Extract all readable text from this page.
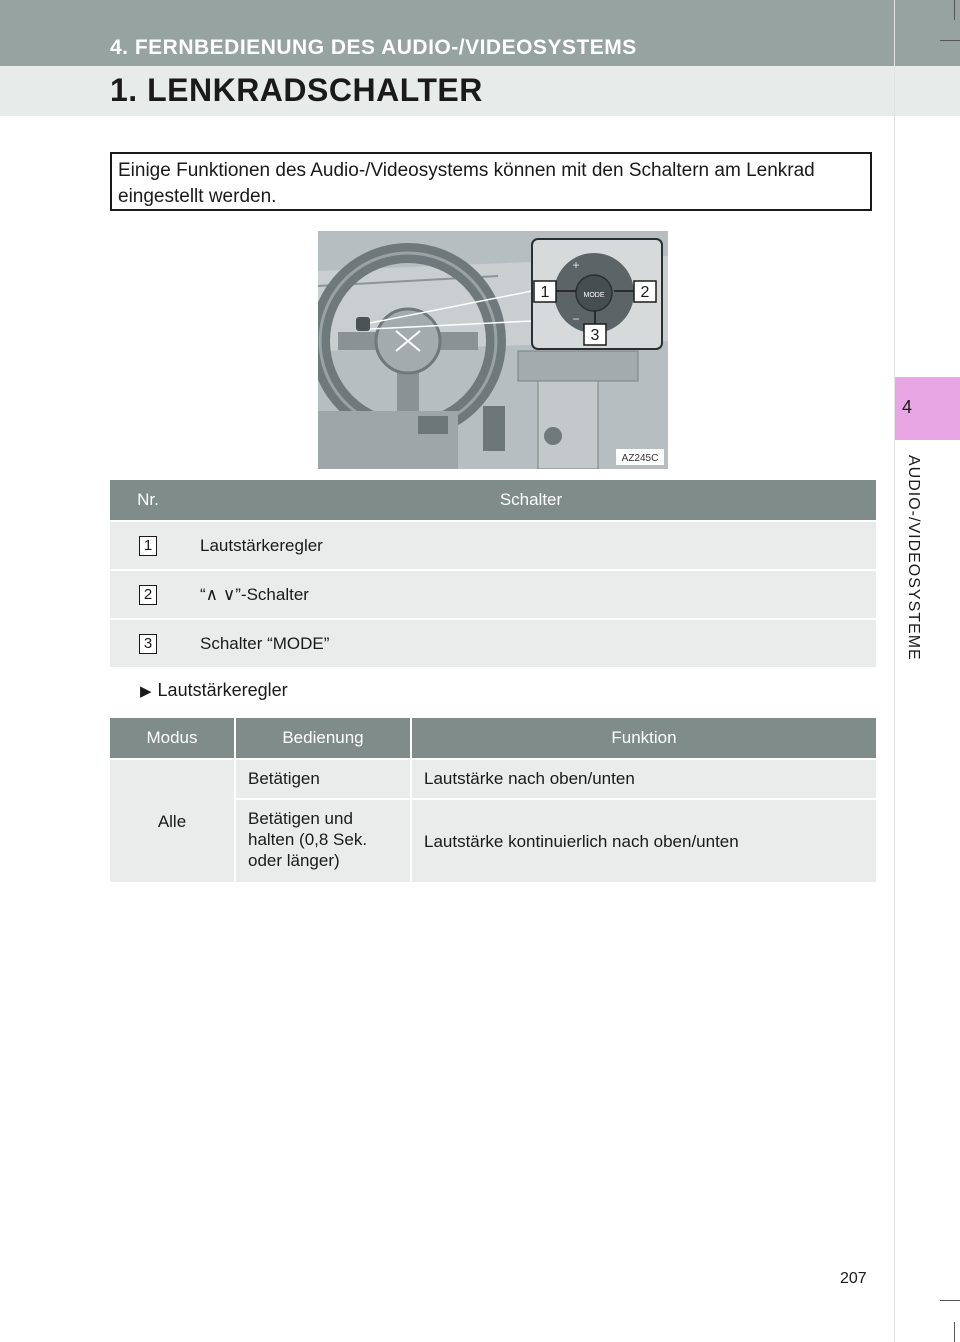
4. FERNBEDIENUNG DES AUDIO-/VIDEOSYSTEMS
1. LENKRADSCHALTER
4
AUDIO-/VIDEOSYSTEME
Einige Funktionen des Audio-/Videosystems können mit den Schaltern am Lenkrad eingestellt werden.
MODE
+
−
1	2
3
AZ245C
Nr.	Schalter
1	Lautstärkeregler
2	“∧ ∨”-Schalter
3	Schalter “MODE”
▶ Lautstärkeregler
Modus	Bedienung	Funktion
Alle	Betätigen	Lautstärke nach oben/unten
	Betätigen und halten (0,8 Sek. oder länger)	Lautstärke kontinuierlich nach oben/unten
207
